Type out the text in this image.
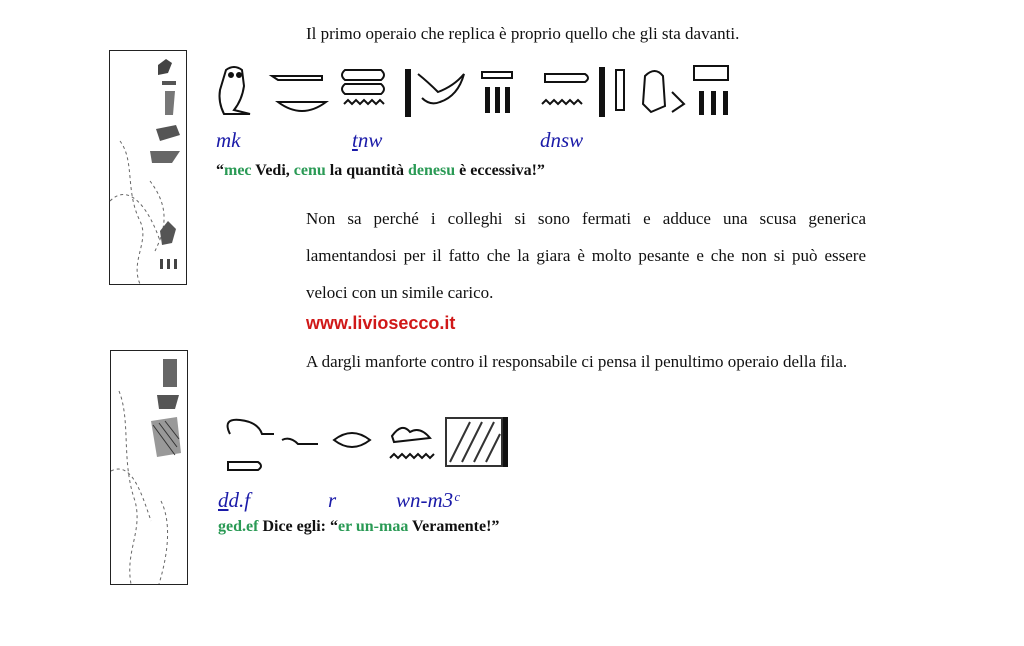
Il primo operaio che replica è proprio quello che gli sta davanti.
mk	tnw	dnsw
“mec Vedi, cenu la quantità denesu è eccessiva!”
Non sa perché i colleghi si sono fermati e adduce una scusa generica lamentandosi per il fatto che la giara è molto pesante e che non si può essere veloci con un simile carico.
www.liviosecco.it
A dargli manforte contro il responsabile ci pensa il penultimo operaio della fila.
dd.f	r	wn-m3ᶜ
ged.ef Dice egli: “er un-maa Veramente!”
